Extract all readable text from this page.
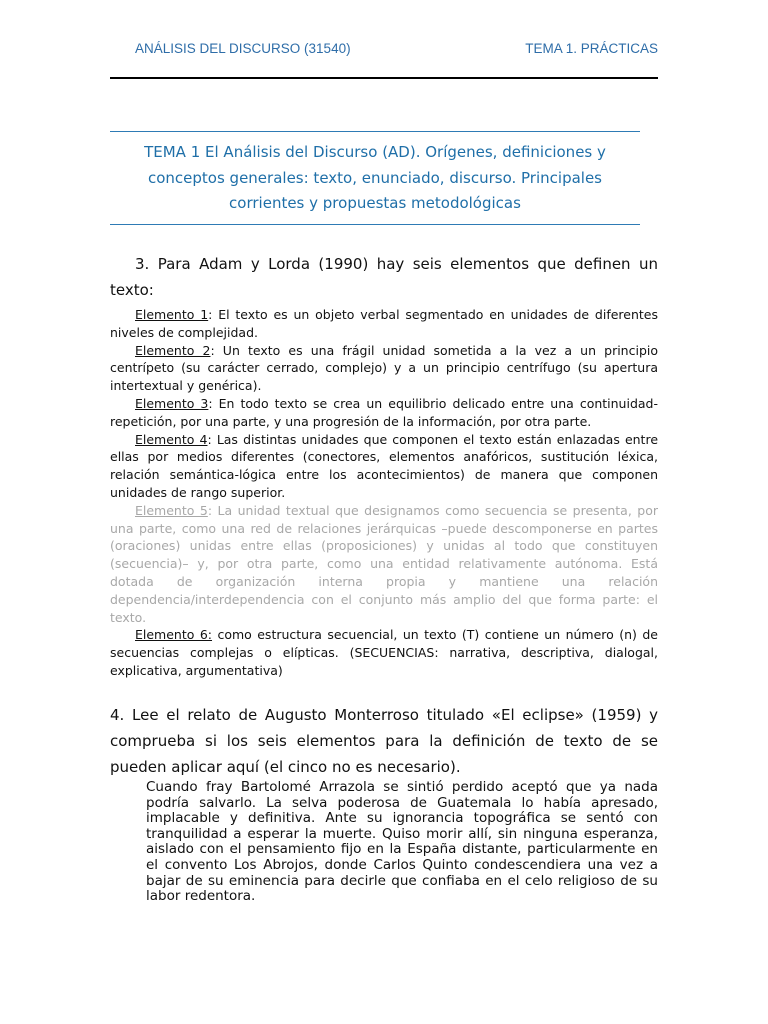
ANÁLISIS DEL DISCURSO (31540)	TEMA 1. PRÁCTICAS
TEMA 1 El Análisis del Discurso (AD). Orígenes, definiciones y conceptos generales: texto, enunciado, discurso. Principales corrientes y propuestas metodológicas

3. Para Adam y Lorda (1990) hay seis elementos que definen un texto:

Elemento 1: El texto es un objeto verbal segmentado en unidades de diferentes niveles de complejidad.

Elemento 2: Un texto es una frágil unidad sometida a la vez a un principio centrípeto (su carácter cerrado, complejo) y a un principio centrífugo (su apertura intertextual y genérica).

Elemento 3: En todo texto se crea un equilibrio delicado entre una continuidad-repetición, por una parte, y una progresión de la información, por otra parte.

Elemento 4: Las distintas unidades que componen el texto están enlazadas entre ellas por medios diferentes (conectores, elementos anafóricos, sustitución léxica, relación semántica-lógica entre los acontecimientos) de manera que componen unidades de rango superior.

Elemento 5: La unidad textual que designamos como secuencia se presenta, por una parte, como una red de relaciones jerárquicas –puede descomponerse en partes (oraciones) unidas entre ellas (proposiciones) y unidas al todo que constituyen (secuencia)– y, por otra parte, como una entidad relativamente autónoma. Está dotada de organización interna propia y mantiene una relación dependencia/interdependencia con el conjunto más amplio del que forma parte: el texto.

Elemento 6: como estructura secuencial, un texto (T) contiene un número (n) de secuencias complejas o elípticas. (SECUENCIAS: narrativa, descriptiva, dialogal, explicativa, argumentativa)

4. Lee el relato de Augusto Monterroso titulado «El eclipse» (1959) y comprueba si los seis elementos para la definición de texto de se pueden aplicar aquí (el cinco no es necesario).

Cuando fray Bartolomé Arrazola se sintió perdido aceptó que ya nada podría salvarlo. La selva poderosa de Guatemala lo había apresado, implacable y definitiva. Ante su ignorancia topográfica se sentó con tranquilidad a esperar la muerte. Quiso morir allí, sin ninguna esperanza, aislado con el pensamiento fijo en la España distante, particularmente en el convento Los Abrojos, donde Carlos Quinto condescendiera una vez a bajar de su eminencia para decirle que confiaba en el celo religioso de su labor redentora.
